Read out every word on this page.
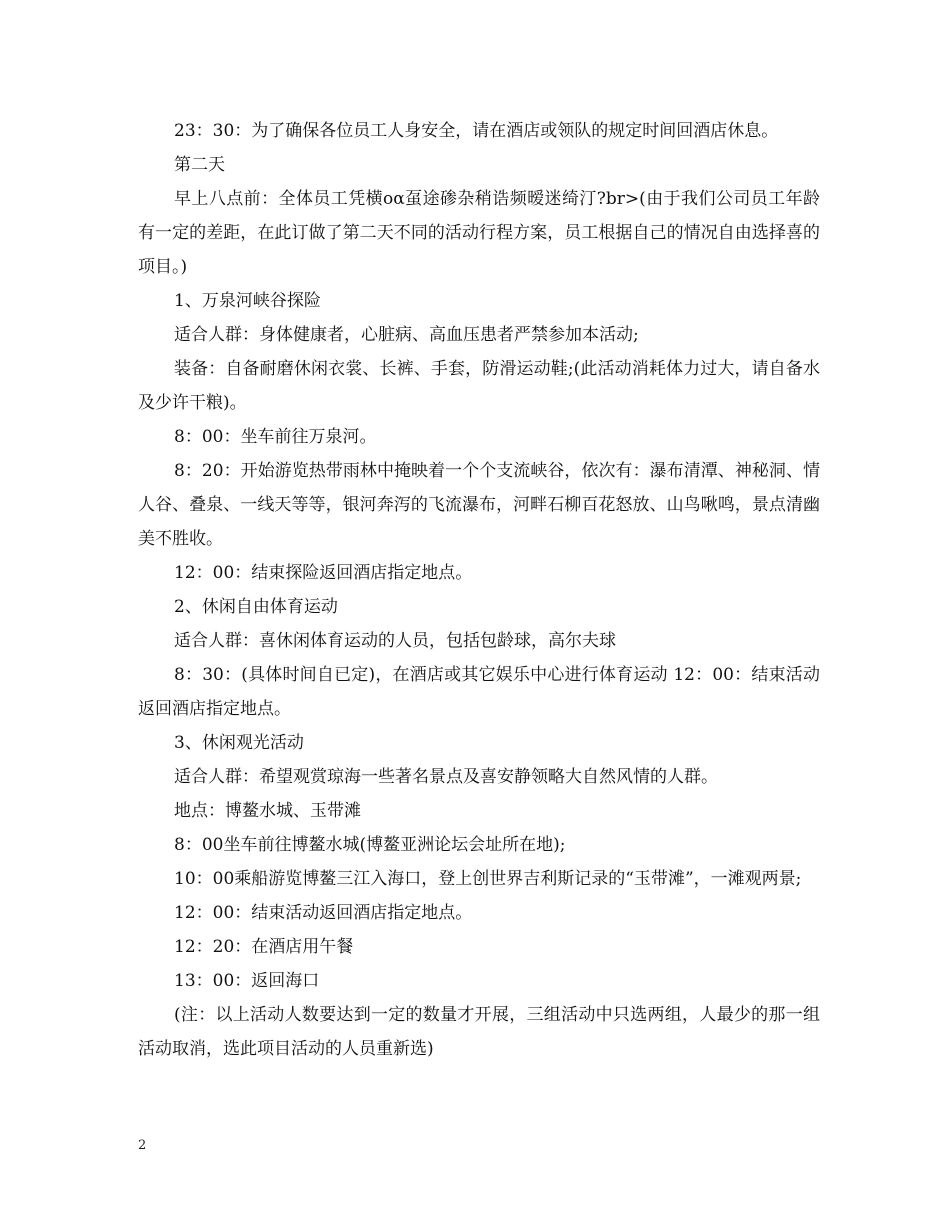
23：30：为了确保各位员工人身安全，请在酒店或领队的规定时间回酒店休息。

第二天

早上八点前：全体员工凭横oα虿途碜杂稍诰频暧迷绮汀?br>(由于我们公司员工年龄有一定的差距，在此订做了第二天不同的活动行程方案，员工根据自己的情况自由选择喜的项目。)

1、万泉河峡谷探险

适合人群：身体健康者，心脏病、高血压患者严禁参加本活动;

装备：自备耐磨休闲衣裳、长裤、手套，防滑运动鞋;(此活动消耗体力过大，请自备水及少许干粮)。

8：00：坐车前往万泉河。

8：20：开始游览热带雨林中掩映着一个个支流峡谷，依次有：瀑布清潭、神秘洞、情人谷、叠泉、一线天等等，银河奔泻的飞流瀑布，河畔石柳百花怒放、山鸟啾鸣，景点清幽美不胜收。

12：00：结束探险返回酒店指定地点。

2、休闲自由体育运动

适合人群：喜休闲体育运动的人员，包括包龄球，高尔夫球

8：30：(具体时间自已定)，在酒店或其它娱乐中心进行体育运动 12：00：结束活动返回酒店指定地点。

3、休闲观光活动

适合人群：希望观赏琼海一些著名景点及喜安静领略大自然风情的人群。

地点：博鳌水城、玉带滩

8：00坐车前往博鳌水城(博鳌亚洲论坛会址所在地);

10：00乘船游览博鳌三江入海口，登上创世界吉利斯记录的“玉带滩”，一滩观两景;

12：00：结束活动返回酒店指定地点。

12：20：在酒店用午餐

13：00：返回海口

(注：以上活动人数要达到一定的数量才开展，三组活动中只选两组，人最少的那一组活动取消，选此项目活动的人员重新选)

2
